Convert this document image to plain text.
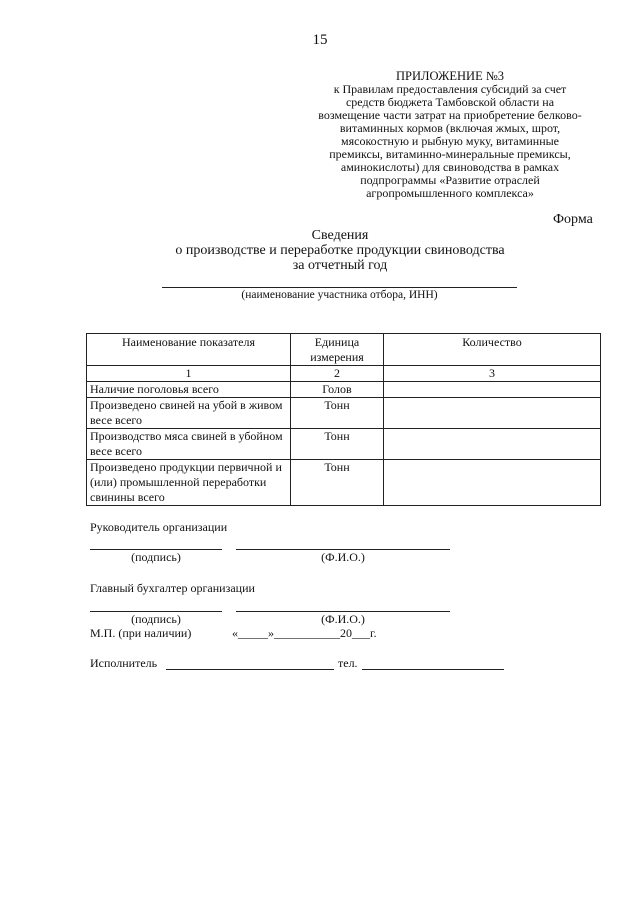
15
ПРИЛОЖЕНИЕ №3
к Правилам предоставления субсидий за счет
средств бюджета Тамбовской области на
возмещение части затрат на приобретение белково-
витаминных кормов (включая жмых, шрот,
мясокостную и рыбную муку, витаминные
премиксы, витаминно-минеральные премиксы,
аминокислоты) для свиноводства в рамках
подпрограммы «Развитие отраслей
агропромышленного комплекса»
Форма
Сведения
о производстве и переработке продукции свиноводства
за отчетный год
(наименование участника отбора, ИНН)
Наименование показателя	Единица измерения	Количество
1	2	3
Наличие поголовья всего	Голов	
Произведено свиней на убой в живом весе всего	Тонн	
Производство мяса свиней в убойном весе всего	Тонн	
Произведено продукции первичной и (или) промышленной переработки свинины всего	Тонн	
Руководитель организации
(подпись)	(Ф.И.О.)
Главный бухгалтер организации
(подпись)	(Ф.И.О.)
М.П. (при наличии)	«_____»___________20___г.
Исполнитель	тел.
